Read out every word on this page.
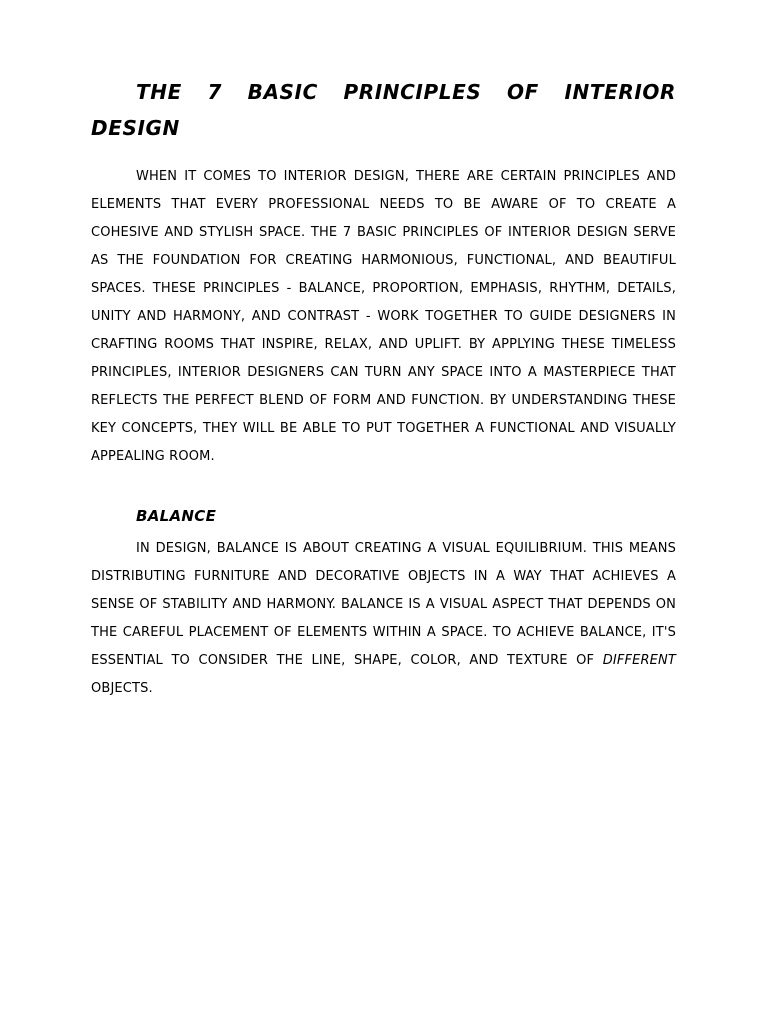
THE 7 BASIC PRINCIPLES OF INTERIOR DESIGN

WHEN IT COMES TO INTERIOR DESIGN, THERE ARE CERTAIN PRINCIPLES AND ELEMENTS THAT EVERY PROFESSIONAL NEEDS TO BE AWARE OF TO CREATE A COHESIVE AND STYLISH SPACE. THE 7 BASIC PRINCIPLES OF INTERIOR DESIGN SERVE AS THE FOUNDATION FOR CREATING HARMONIOUS, FUNCTIONAL, AND BEAUTIFUL SPACES. THESE PRINCIPLES - BALANCE, PROPORTION, EMPHASIS, RHYTHM, DETAILS, UNITY AND HARMONY, AND CONTRAST - WORK TOGETHER TO GUIDE DESIGNERS IN CRAFTING ROOMS THAT INSPIRE, RELAX, AND UPLIFT. BY APPLYING THESE TIMELESS PRINCIPLES, INTERIOR DESIGNERS CAN TURN ANY SPACE INTO A MASTERPIECE THAT REFLECTS THE PERFECT BLEND OF FORM AND FUNCTION. BY UNDERSTANDING THESE KEY CONCEPTS, THEY WILL BE ABLE TO PUT TOGETHER A FUNCTIONAL AND VISUALLY APPEALING ROOM.

BALANCE

IN DESIGN, BALANCE IS ABOUT CREATING A VISUAL EQUILIBRIUM. THIS MEANS DISTRIBUTING FURNITURE AND DECORATIVE OBJECTS IN A WAY THAT ACHIEVES A SENSE OF STABILITY AND HARMONY. BALANCE IS A VISUAL ASPECT THAT DEPENDS ON THE CAREFUL PLACEMENT OF ELEMENTS WITHIN A SPACE. TO ACHIEVE BALANCE, IT'S ESSENTIAL TO CONSIDER THE LINE, SHAPE, COLOR, AND TEXTURE OF DIFFERENT OBJECTS.
